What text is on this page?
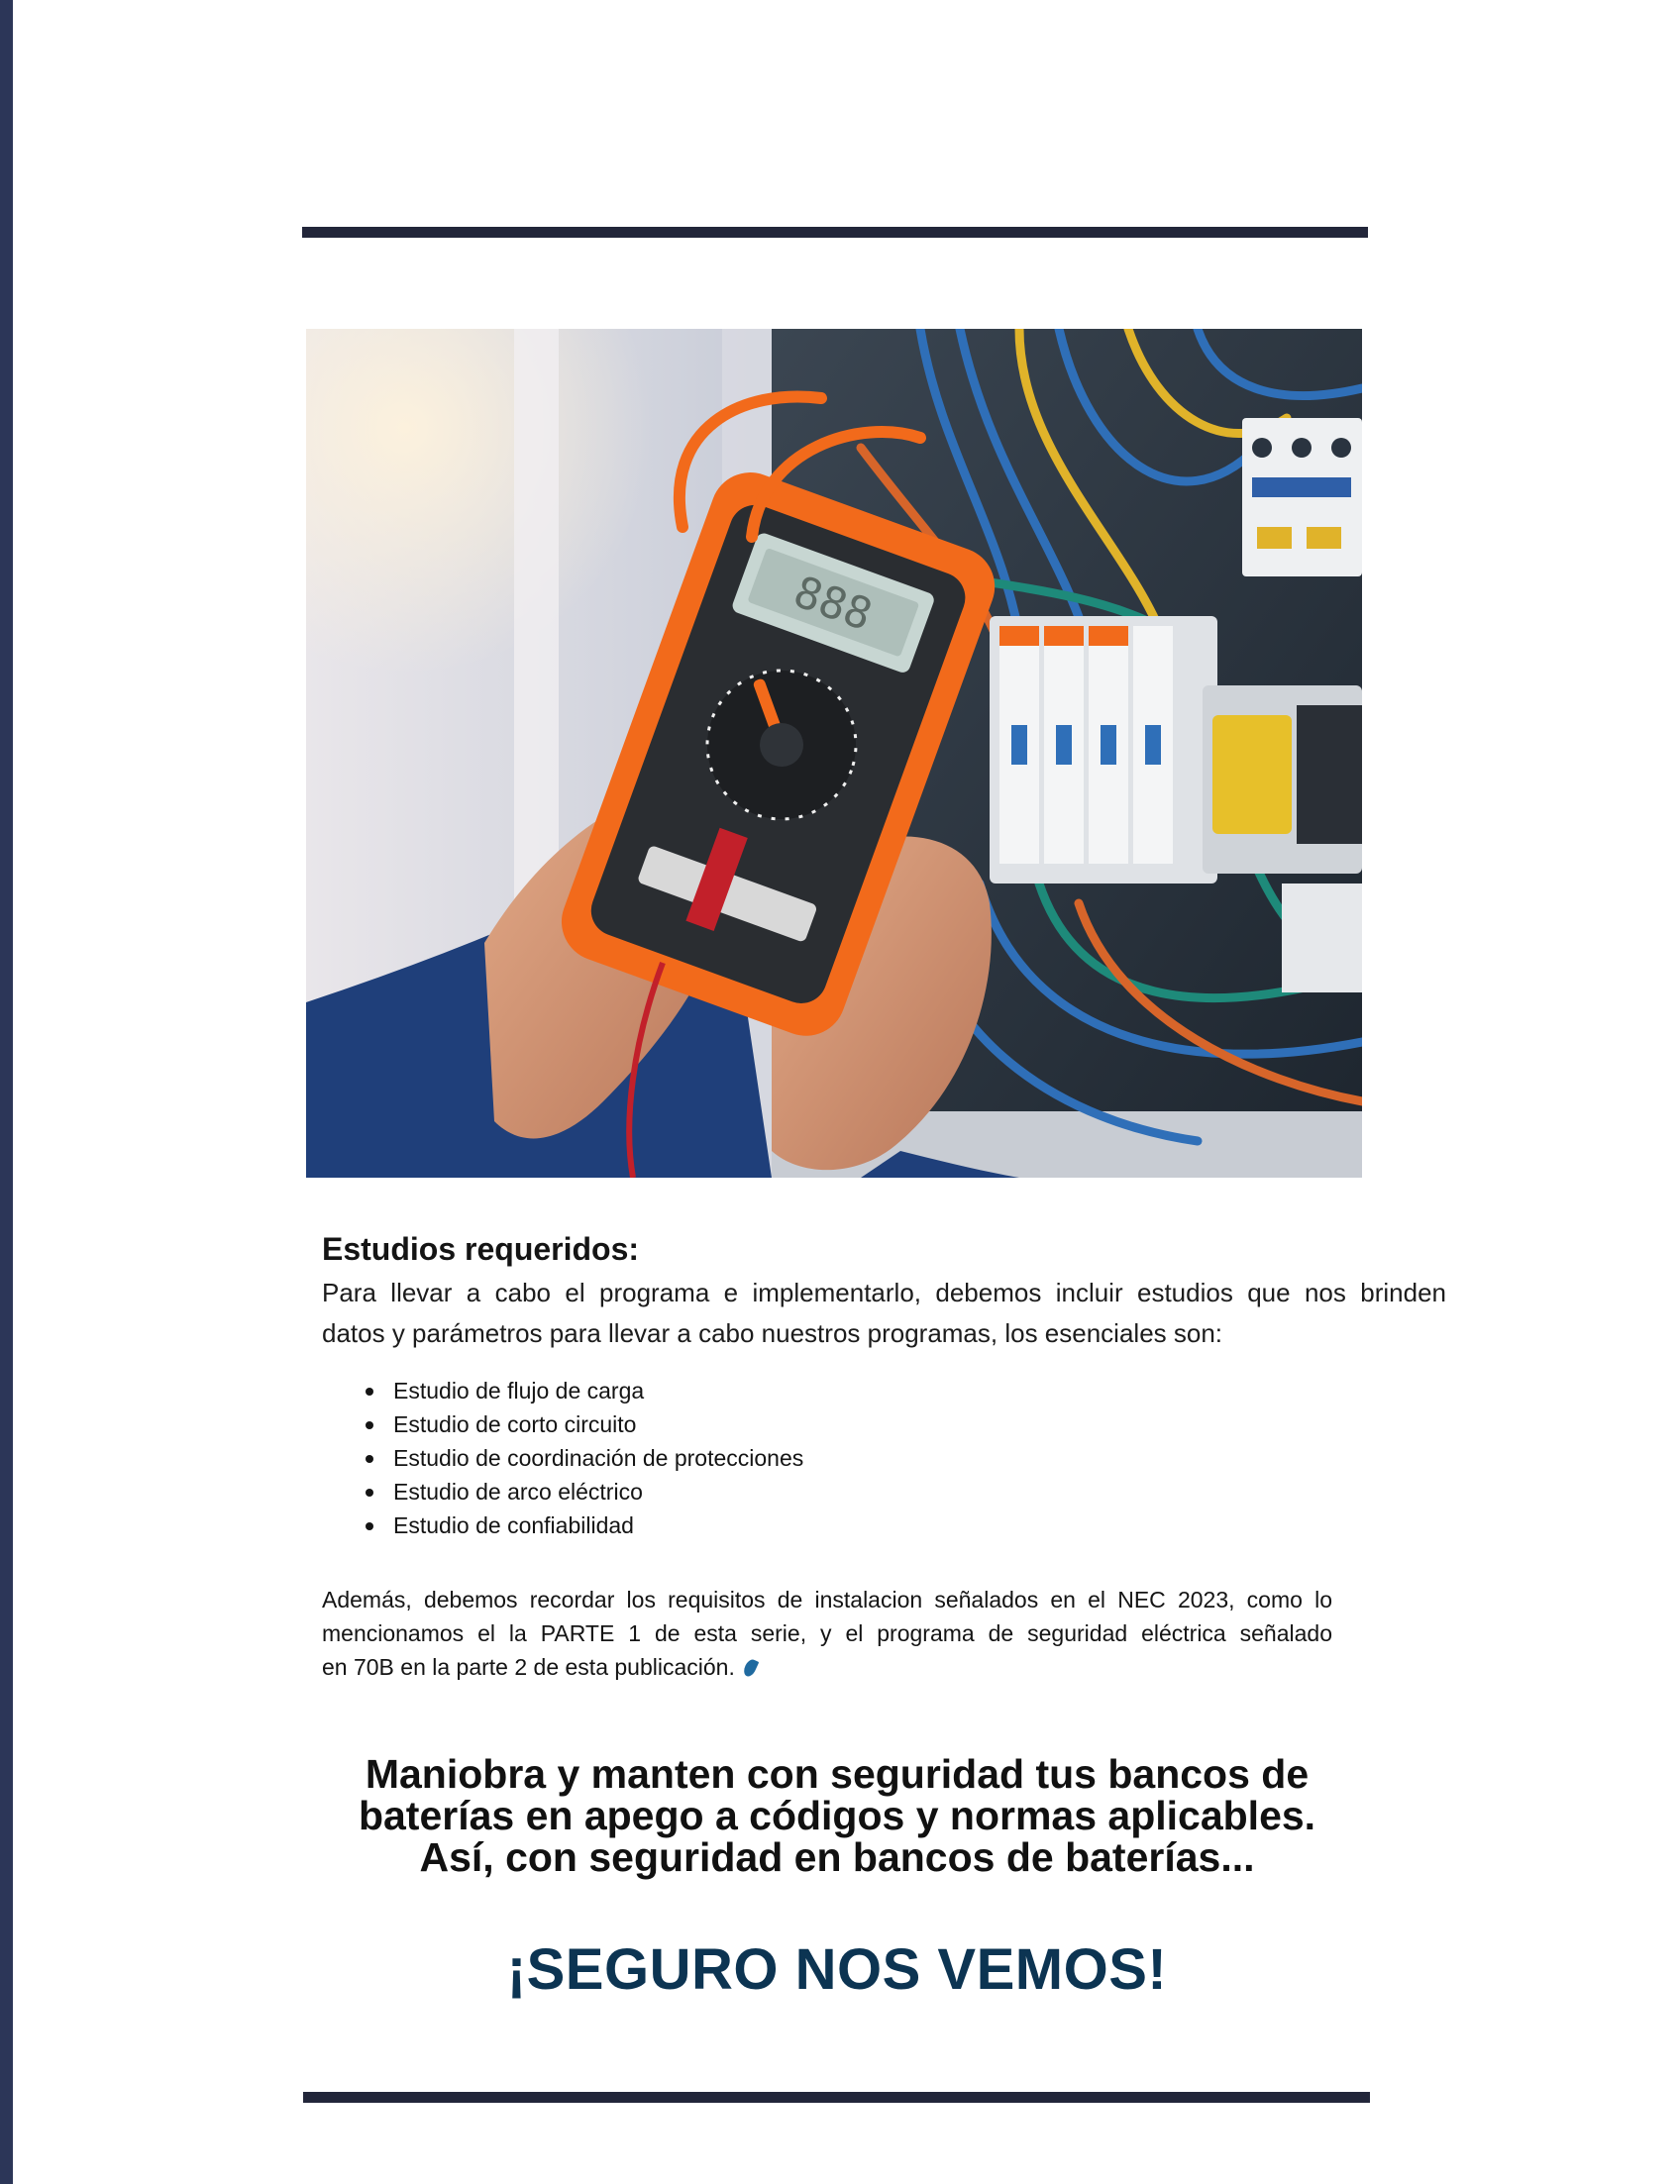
888
Estudios requeridos:
Para llevar a cabo el programa e implementarlo, debemos incluir estudios que nos brinden
datos y parámetros para llevar a cabo nuestros programas, los esenciales son:
Estudio de flujo de carga
Estudio de corto circuito
Estudio de coordinación de protecciones
Estudio de arco eléctrico
Estudio de confiabilidad
Además, debemos recordar los requisitos de instalacion señalados en el NEC 2023, como lo
mencionamos el la PARTE 1 de esta serie, y el programa de seguridad eléctrica señalado
en 70B en la parte 2 de esta publicación.
Maniobra y manten con seguridad tus bancos de
baterías en apego a códigos y normas aplicables.
Así, con seguridad en bancos de baterías...
¡SEGURO NOS VEMOS!
